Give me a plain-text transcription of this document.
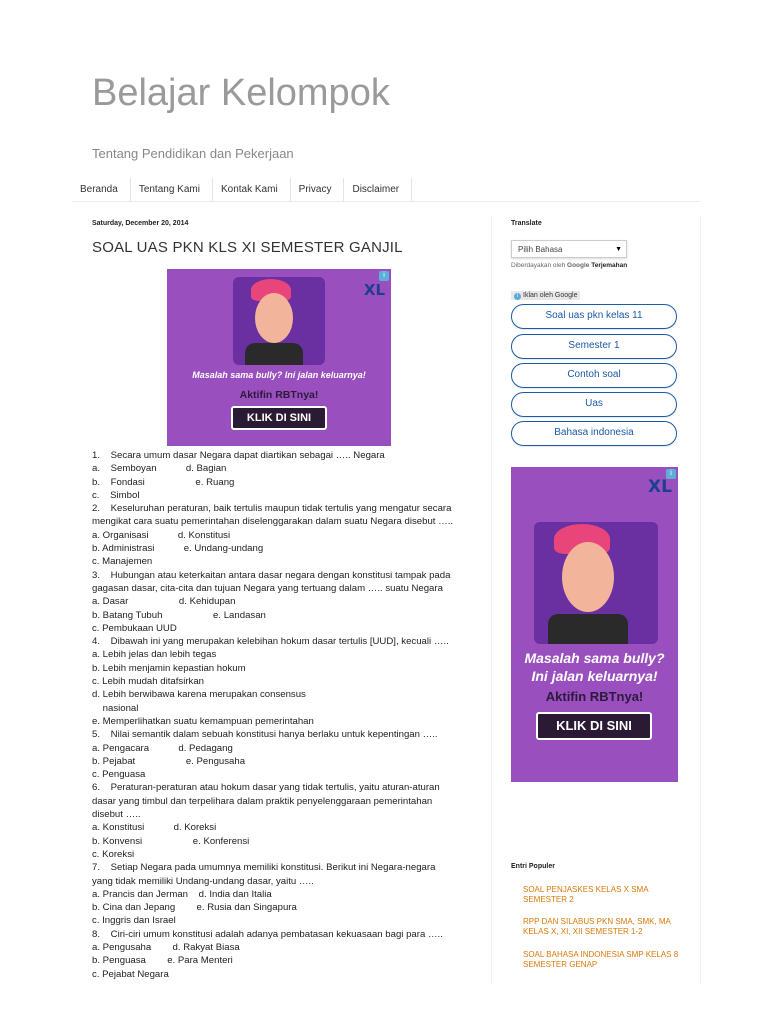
Belajar Kelompok
Tentang Pendidikan dan Pekerjaan
Beranda	Tentang Kami	Kontak Kami	Privacy	Disclaimer
Saturday, December 20, 2014
SOAL UAS PKN KLS XI SEMESTER GANJIL
i
XL
Masalah sama bully? Ini jalan keluarnya!
Aktifin RBTnya!
KLIK DI SINI
1.    Secara umum dasar Negara dapat diartikan sebagai ….. Negara
a.    Semboyan           d. Bagian
b.    Fondasi                   e. Ruang
c.    Simbol
2.    Keseluruhan peraturan, baik tertulis maupun tidak tertulis yang mengatur secara
mengikat cara suatu pemerintahan diselenggarakan dalam suatu Negara disebut …..
a. Organisasi           d. Konstitusi
b. Administrasi           e. Undang-undang
c. Manajemen
3.    Hubungan atau keterkaitan antara dasar negara dengan konstitusi tampak pada
gagasan dasar, cita-cita dan tujuan Negara yang tertuang dalam ….. suatu Negara
a. Dasar                   d. Kehidupan
b. Batang Tubuh                   e. Landasan
c. Pembukaan UUD
4.    Dibawah ini yang merupakan kelebihan hokum dasar tertulis [UUD], kecuali …..
a. Lebih jelas dan lebih tegas
b. Lebih menjamin kepastian hokum
c. Lebih mudah ditafsirkan
d. Lebih berwibawa karena merupakan consensus
nasional
e. Memperlihatkan suatu kemampuan pemerintahan
5.    Nilai semantik dalam sebuah konstitusi hanya berlaku untuk kepentingan …..
a. Pengacara           d. Pedagang
b. Pejabat                   e. Pengusaha
c. Penguasa
6.    Peraturan-peraturan atau hokum dasar yang tidak tertulis, yaitu aturan-aturan
dasar yang timbul dan terpelihara dalam praktik penyelenggaraan pemerintahan
disebut …..
a. Konstitusi           d. Koreksi
b. Konvensi                   e. Konferensi
c. Koreksi
7.    Setiap Negara pada umumnya memiliki konstitusi. Berikut ini Negara-negara
yang tidak memiliki Undang-undang dasar, yaitu …..
a. Prancis dan Jerman    d. India dan Italia
b. Cina dan Jepang        e. Rusia dan Singapura
c. Inggris dan Israel
8.    Ciri-ciri umum konstitusi adalah adanya pembatasan kekuasaan bagi para …..
a. Pengusaha        d. Rakyat Biasa
b. Penguasa        e. Para Menteri
c. Pejabat Negara
Translate
Pilih Bahasa	▼
Diberdayakan oleh Google Terjemahan
i Iklan oleh Google
Soal uas pkn kelas 11
Semester 1
Contoh soal
Uas
Bahasa indonesia
i
XL
Masalah sama bully?
Ini jalan keluarnya!
Aktifin RBTnya!
KLIK DI SINI
Entri Populer
SOAL PENJASKES KELAS X SMA SEMESTER 2
RPP DAN SILABUS PKN SMA, SMK, MA KELAS X, XI, XII SEMESTER 1-2
SOAL BAHASA INDONESIA SMP KELAS 8 SEMESTER GENAP
